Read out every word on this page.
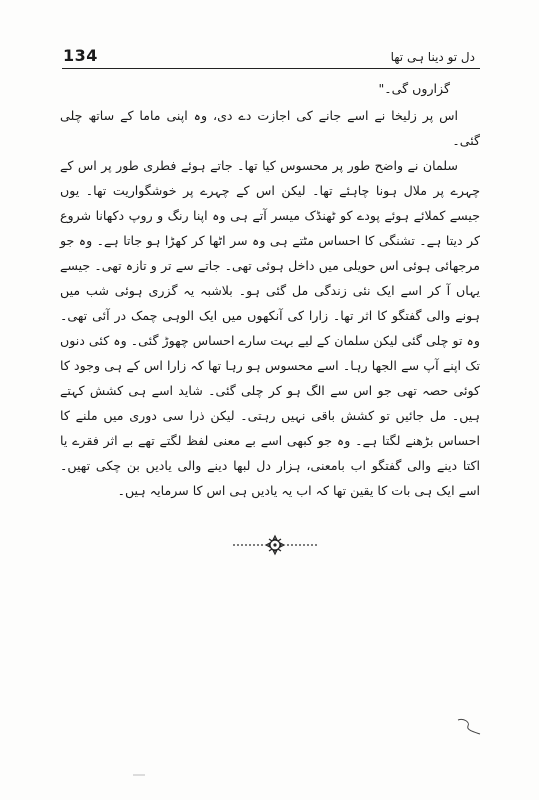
134	دل تو دینا ہی تھا

گزاروں گی۔"

اس پر زلیخا نے اسے جانے کی اجازت دے دی، وہ اپنی ماما کے ساتھ چلی گئی۔

سلمان نے واضح طور پر محسوس کیا تھا۔ جاتے ہوئے فطری طور پر اس کے چہرے پر ملال ہونا چاہئے تھا۔ لیکن اس کے چہرے پر خوشگواریت تھا۔ یوں جیسے کملائے ہوئے پودے کو ٹھنڈک میسر آتے ہی وہ اپنا رنگ و روپ دکھانا شروع کر دیتا ہے۔ تشنگی کا احساس مٹتے ہی وہ سر اٹھا کر کھڑا ہو جاتا ہے۔ وہ جو مرجھائی ہوئی اس حویلی میں داخل ہوئی تھی۔ جاتے سے تر و تازہ تھی۔ جیسے یہاں آ کر اسے ایک نئی زندگی مل گئی ہو۔ بلاشبہ یہ گزری ہوئی شب میں ہونے والی گفتگو کا اثر تھا۔ زارا کی آنکھوں میں ایک الوہی چمک در آئی تھی۔ وہ تو چلی گئی لیکن سلمان کے لیے بہت سارے احساس چھوڑ گئی۔ وہ کئی دنوں تک اپنے آپ سے الجھا رہا۔ اسے محسوس ہو رہا تھا کہ زارا اس کے ہی وجود کا کوئی حصہ تھی جو اس سے الگ ہو کر چلی گئی۔ شاید اسے ہی کشش کہتے ہیں۔ مل جائیں تو کشش باقی نہیں رہتی۔ لیکن ذرا سی دوری میں ملنے کا احساس بڑھنے لگتا ہے۔ وہ جو کبھی اسے بے معنی لفظ لگتے تھے بے اثر فقرے یا اکتا دینے والی گفتگو اب بامعنی، ہزار دل لبھا دینے والی یادیں بن چکی تھیں۔ اسے ایک ہی بات کا یقین تھا کہ اب یہ یادیں ہی اس کا سرمایہ ہیں۔
